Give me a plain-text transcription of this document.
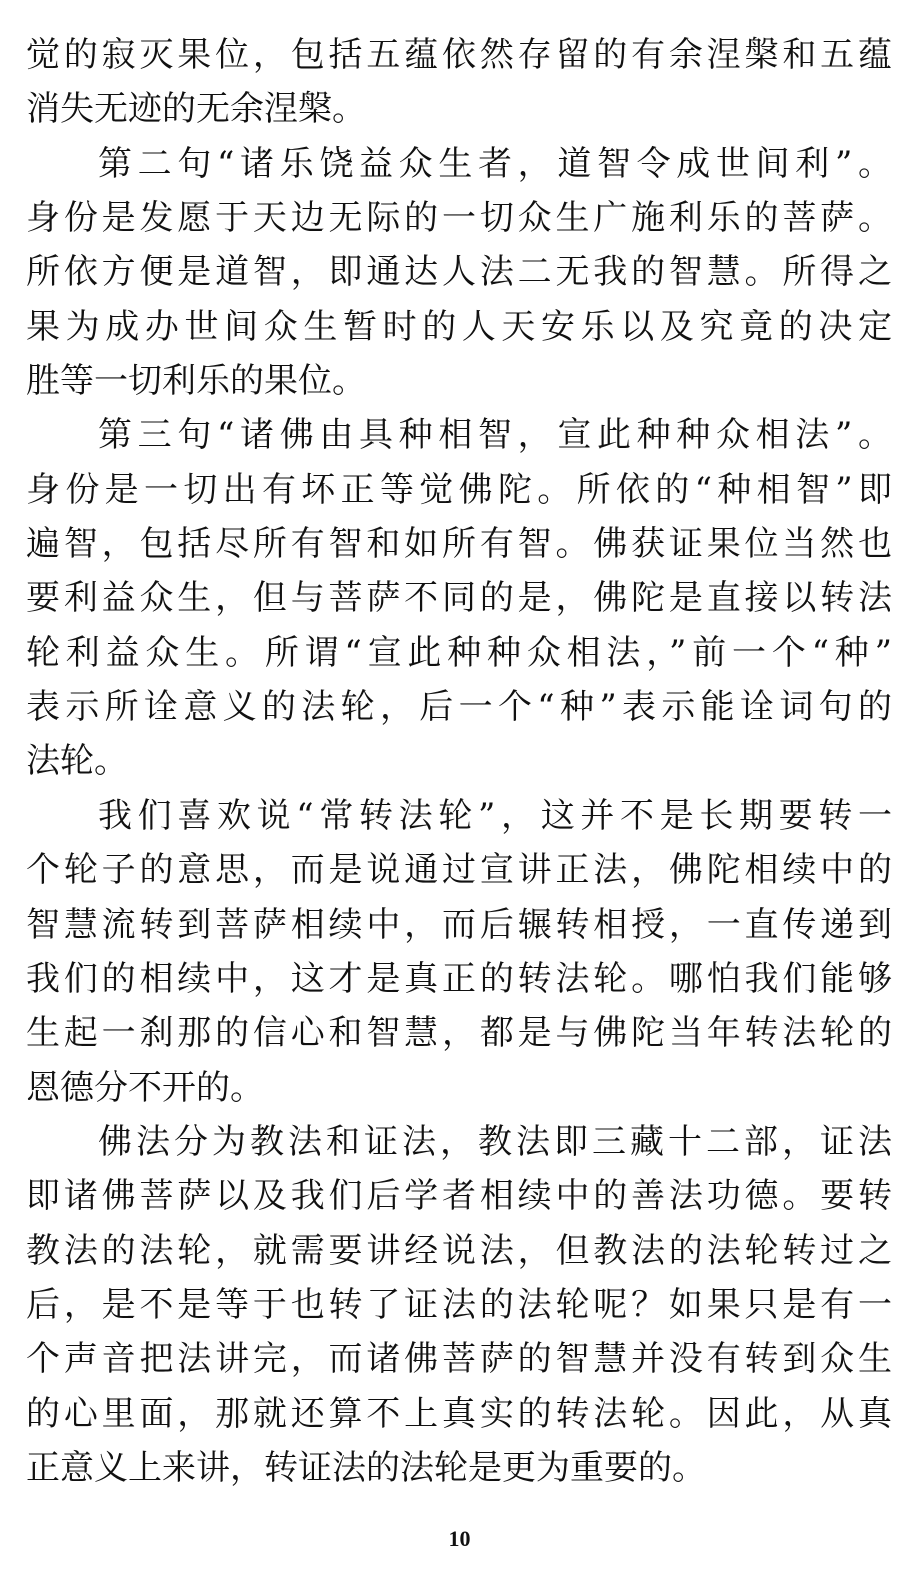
觉的寂灭果位，包括五蕴依然存留的有余涅槃和五蕴
消失无迹的无余涅槃。
第二句“诸乐饶益众生者，道智令成世间利”。
身份是发愿于天边无际的一切众生广施利乐的菩萨。
所依方便是道智，即通达人法二无我的智慧。所得之
果为成办世间众生暂时的人天安乐以及究竟的决定
胜等一切利乐的果位。
第三句“诸佛由具种相智，宣此种种众相法”。
身份是一切出有坏正等觉佛陀。所依的“种相智”即
遍智，包括尽所有智和如所有智。佛获证果位当然也
要利益众生，但与菩萨不同的是，佛陀是直接以转法
轮利益众生。所谓“宣此种种众相法，”前一个“种”
表示所诠意义的法轮，后一个“种”表示能诠词句的
法轮。
我们喜欢说“常转法轮”，这并不是长期要转一
个轮子的意思，而是说通过宣讲正法，佛陀相续中的
智慧流转到菩萨相续中，而后辗转相授，一直传递到
我们的相续中，这才是真正的转法轮。哪怕我们能够
生起一刹那的信心和智慧，都是与佛陀当年转法轮的
恩德分不开的。
佛法分为教法和证法，教法即三藏十二部，证法
即诸佛菩萨以及我们后学者相续中的善法功德。要转
教法的法轮，就需要讲经说法，但教法的法轮转过之
后，是不是等于也转了证法的法轮呢？如果只是有一
个声音把法讲完，而诸佛菩萨的智慧并没有转到众生
的心里面，那就还算不上真实的转法轮。因此，从真
正意义上来讲，转证法的法轮是更为重要的。
10
